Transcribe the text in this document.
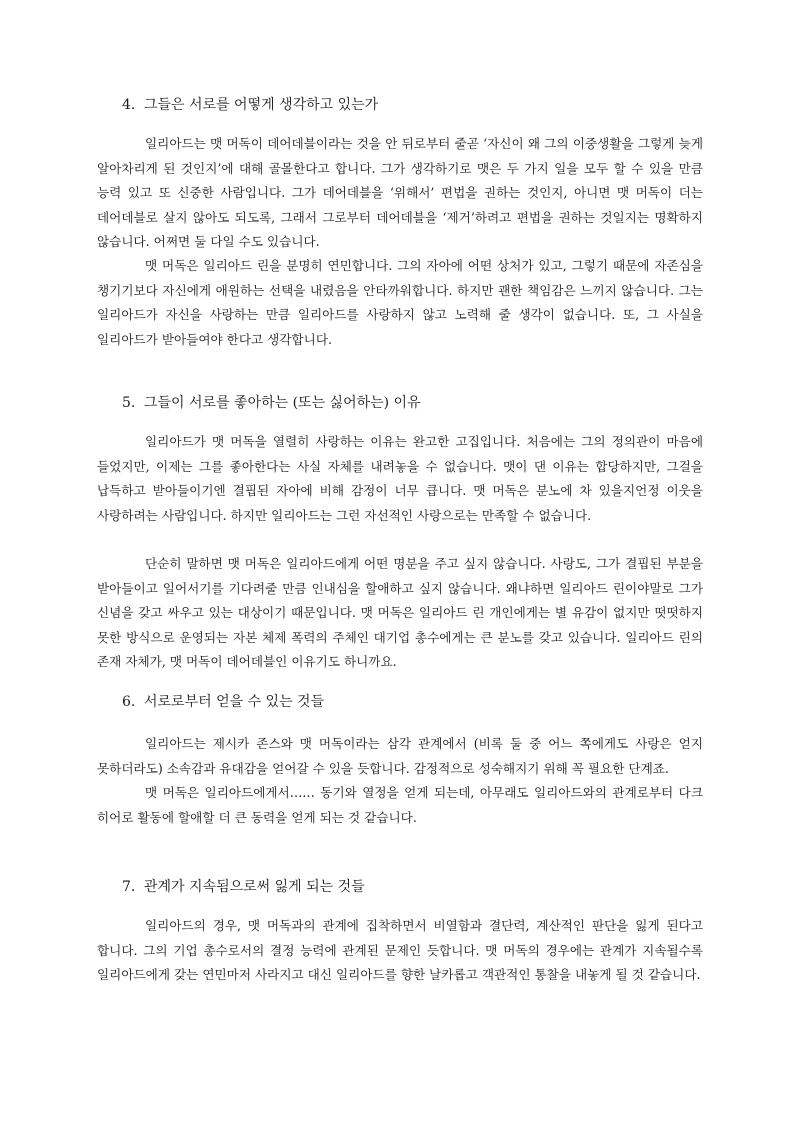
4. 그들은 서로를 어떻게 생각하고 있는가

일리아드는 맷 머독이 데어데블이라는 것을 안 뒤로부터 줄곧 ‘자신이 왜 그의 이중생활을 그렇게 늦게 알아차리게 된 것인지’에 대해 골몰한다고 합니다. 그가 생각하기로 맷은 두 가지 일을 모두 할 수 있을 만큼 능력 있고 또 신중한 사람입니다. 그가 데어데블을 ‘위해서’ 편법을 권하는 것인지, 아니면 맷 머독이 더는 데어데블로 살지 않아도 되도록, 그래서 그로부터 데어데블을 ‘제거’하려고 편법을 권하는 것일지는 명확하지 않습니다. 어쩌면 둘 다일 수도 있습니다.

맷 머독은 일리아드 린을 분명히 연민합니다. 그의 자아에 어떤 상처가 있고, 그렇기 때문에 자존심을 챙기기보다 자신에게 애원하는 선택을 내렸음을 안타까워합니다. 하지만 괜한 책임감은 느끼지 않습니다. 그는 일리아드가 자신을 사랑하는 만큼 일리아드를 사랑하지 않고 노력해 줄 생각이 없습니다. 또, 그 사실을 일리아드가 받아들여야 한다고 생각합니다.

5. 그들이 서로를 좋아하는 (또는 싫어하는) 이유

일리아드가 맷 머독을 열렬히 사랑하는 이유는 완고한 고집입니다. 처음에는 그의 정의관이 마음에 들었지만, 이제는 그를 좋아한다는 사실 자체를 내려놓을 수 없습니다. 맷이 댄 이유는 합당하지만, 그걸을 납득하고 받아들이기엔 결핍된 자아에 비해 감정이 너무 큽니다. 맷 머독은 분노에 차 있을지언정 이웃을 사랑하려는 사람입니다. 하지만 일리아드는 그런 자선적인 사랑으로는 만족할 수 없습니다.

단순히 말하면 맷 머독은 일리아드에게 어떤 명분을 주고 싶지 않습니다. 사랑도, 그가 결핍된 부분을 받아들이고 일어서기를 기다려줄 만큼 인내심을 할애하고 싶지 않습니다. 왜냐하면 일리아드 린이야말로 그가 신념을 갖고 싸우고 있는 대상이기 때문입니다. 맷 머독은 일리아드 린 개인에게는 별 유감이 없지만 떳떳하지 못한 방식으로 운영되는 자본 체제 폭력의 주체인 대기업 총수에게는 큰 분노를 갖고 있습니다. 일리아드 린의 존재 자체가, 맷 머독이 데어데블인 이유기도 하니까요.

6. 서로로부터 얻을 수 있는 것들

일리아드는 제시카 존스와 맷 머독이라는 삼각 관계에서 (비록 둘 중 어느 쪽에게도 사랑은 얻지 못하더라도) 소속감과 유대감을 얻어갈 수 있을 듯합니다. 감정적으로 성숙해지기 위해 꼭 필요한 단계죠.

맷 머독은 일리아드에게서…… 동기와 열정을 얻게 되는데, 아무래도 일리아드와의 관계로부터 다크 히어로 활동에 할애할 더 큰 동력을 얻게 되는 것 같습니다.

7. 관계가 지속됨으로써 잃게 되는 것들

일리아드의 경우, 맷 머독과의 관계에 집착하면서 비열함과 결단력, 계산적인 판단을 잃게 된다고 합니다. 그의 기업 총수로서의 결정 능력에 관계된 문제인 듯합니다. 맷 머독의 경우에는 관계가 지속될수록 일리아드에게 갖는 연민마저 사라지고 대신 일리아드를 향한 날카롭고 객관적인 통찰을 내놓게 될 것 같습니다.
